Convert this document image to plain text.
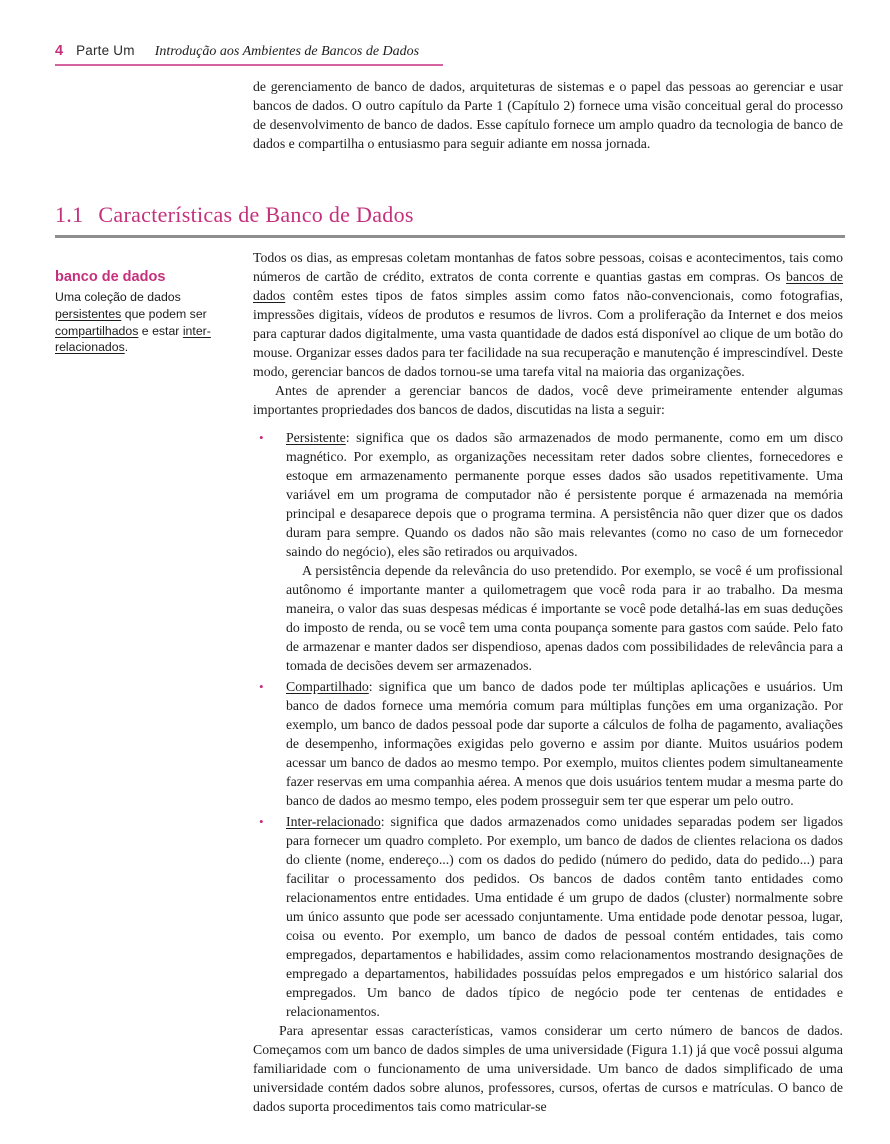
4 Parte Um Introdução aos Ambientes de Bancos de Dados

de gerenciamento de banco de dados, arquiteturas de sistemas e o papel das pessoas ao gerenciar e usar bancos de dados. O outro capítulo da Parte 1 (Capítulo 2) fornece uma visão conceitual geral do processo de desenvolvimento de banco de dados. Esse capítulo fornece um amplo quadro da tecnologia de banco de dados e compartilha o entusiasmo para seguir adiante em nossa jornada.

1.1 Características de Banco de Dados

banco de dados

Uma coleção de dados persistentes que podem ser compartilhados e estar inter-relacionados.

Todos os dias, as empresas coletam montanhas de fatos sobre pessoas, coisas e acontecimentos, tais como números de cartão de crédito, extratos de conta corrente e quantias gastas em compras. Os bancos de dados contêm estes tipos de fatos simples assim como fatos não-convencionais, como fotografias, impressões digitais, vídeos de produtos e resumos de livros. Com a proliferação da Internet e dos meios para capturar dados digitalmente, uma vasta quantidade de dados está disponível ao clique de um botão do mouse. Organizar esses dados para ter facilidade na sua recuperação e manutenção é imprescindível. Deste modo, gerenciar bancos de dados tornou-se uma tarefa vital na maioria das organizações.

Antes de aprender a gerenciar bancos de dados, você deve primeiramente entender algumas importantes propriedades dos bancos de dados, discutidas na lista a seguir:

•

Persistente: significa que os dados são armazenados de modo permanente, como em um disco magnético. Por exemplo, as organizações necessitam reter dados sobre clientes, fornecedores e estoque em armazenamento permanente porque esses dados são usados repetitivamente. Uma variável em um programa de computador não é persistente porque é armazenada na memória principal e desaparece depois que o programa termina. A persistência não quer dizer que os dados duram para sempre. Quando os dados não são mais relevantes (como no caso de um fornecedor saindo do negócio), eles são retirados ou arquivados.

A persistência depende da relevância do uso pretendido. Por exemplo, se você é um profissional autônomo é importante manter a quilometragem que você roda para ir ao trabalho. Da mesma maneira, o valor das suas despesas médicas é importante se você pode detalhá-las em suas deduções do imposto de renda, ou se você tem uma conta poupança somente para gastos com saúde. Pelo fato de armazenar e manter dados ser dispendioso, apenas dados com possibilidades de relevância para a tomada de decisões devem ser armazenados.

•

Compartilhado: significa que um banco de dados pode ter múltiplas aplicações e usuários. Um banco de dados fornece uma memória comum para múltiplas funções em uma organização. Por exemplo, um banco de dados pessoal pode dar suporte a cálculos de folha de pagamento, avaliações de desempenho, informações exigidas pelo governo e assim por diante. Muitos usuários podem acessar um banco de dados ao mesmo tempo. Por exemplo, muitos clientes podem simultaneamente fazer reservas em uma companhia aérea. A menos que dois usuários tentem mudar a mesma parte do banco de dados ao mesmo tempo, eles podem prosseguir sem ter que esperar um pelo outro.

•

Inter-relacionado: significa que dados armazenados como unidades separadas podem ser ligados para fornecer um quadro completo. Por exemplo, um banco de dados de clientes relaciona os dados do cliente (nome, endereço...) com os dados do pedido (número do pedido, data do pedido...) para facilitar o processamento dos pedidos. Os bancos de dados contêm tanto entidades como relacionamentos entre entidades. Uma entidade é um grupo de dados (cluster) normalmente sobre um único assunto que pode ser acessado conjuntamente. Uma entidade pode denotar pessoa, lugar, coisa ou evento. Por exemplo, um banco de dados de pessoal contém entidades, tais como empregados, departamentos e habilidades, assim como relacionamentos mostrando designações de empregado a departamentos, habilidades possuídas pelos empregados e um histórico salarial dos empregados. Um banco de dados típico de negócio pode ter centenas de entidades e relacionamentos.

Para apresentar essas características, vamos considerar um certo número de bancos de dados. Começamos com um banco de dados simples de uma universidade (Figura 1.1) já que você possui alguma familiaridade com o funcionamento de uma universidade. Um banco de dados simplificado de uma universidade contém dados sobre alunos, professores, cursos, ofertas de cursos e matrículas. O banco de dados suporta procedimentos tais como matricular-se
